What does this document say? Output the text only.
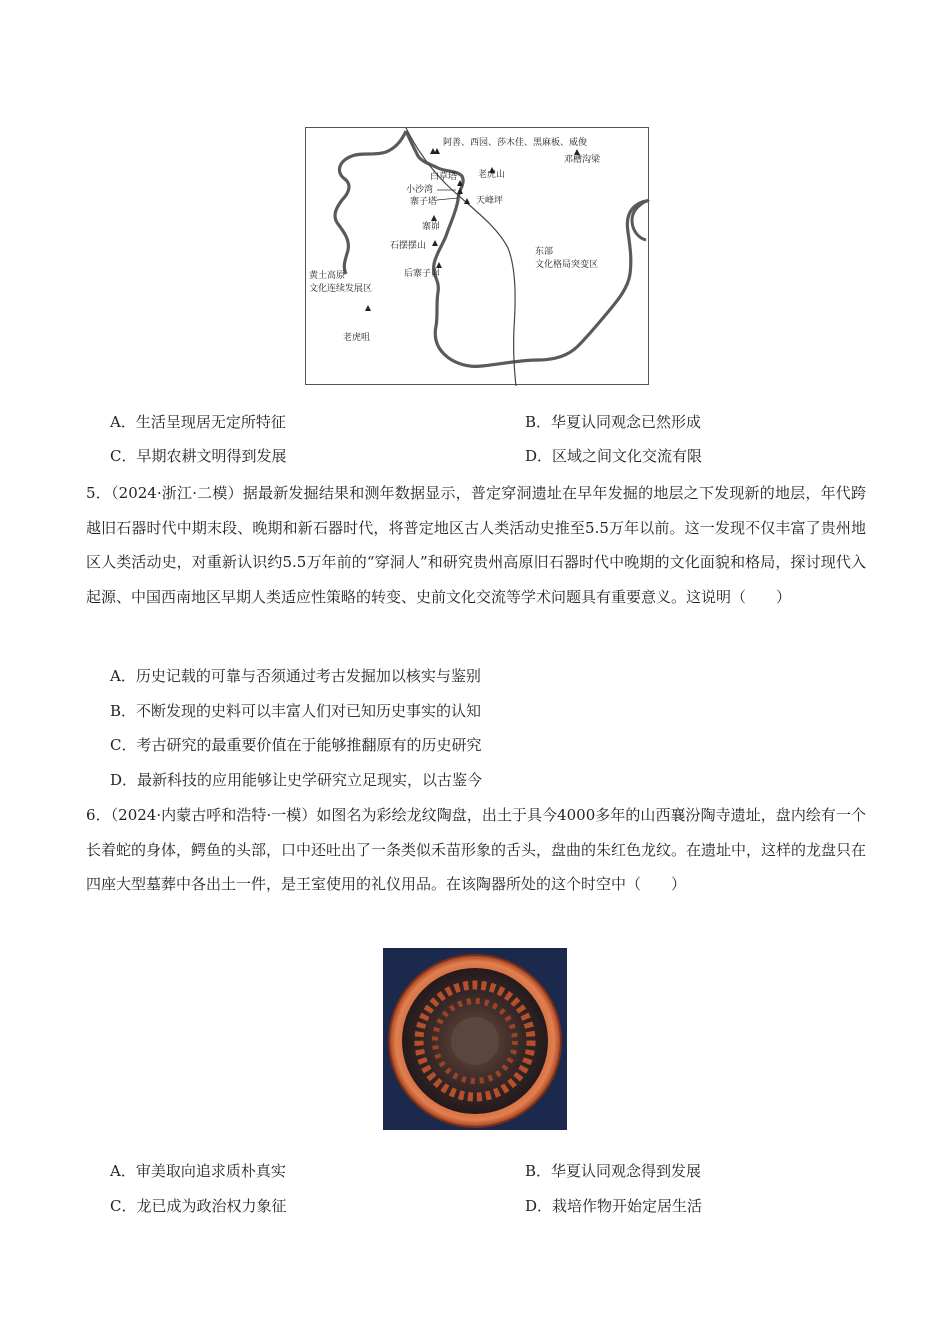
阿善、西园、莎木佳、黑麻板、威俊
邓槽沟梁
白草塔 老虎山
小沙湾
寨子塔	天峰坪
寨峁
石摆摆山
后寨子峁
黄土高原
文化连续发展区
老虎咀
东部
文化格局突变区
A．生活呈现居无定所特征	B．华夏认同观念已然形成
C．早期农耕文明得到发展	D．区域之间文化交流有限
5．（2024·浙江·二模）据最新发掘结果和测年数据显示，普定穿洞遗址在早年发掘的地层之下发现新的地层，年代跨越旧石器时代中期末段、晚期和新石器时代，将普定地区古人类活动史推至5.5万年以前。这一发现不仅丰富了贵州地区人类活动史，对重新认识约5.5万年前的“穿洞人”和研究贵州高原旧石器时代中晚期的文化面貌和格局，探讨现代入起源、中国西南地区早期人类适应性策略的转变、史前文化交流等学术问题具有重要意义。这说明（　　）
A．历史记载的可靠与否须通过考古发掘加以核实与鉴别
B．不断发现的史料可以丰富人们对已知历史事实的认知
C．考古研究的最重要价值在于能够推翻原有的历史研究
D．最新科技的应用能够让史学研究立足现实，以古鉴今
6．（2024·内蒙古呼和浩特·一模）如图名为彩绘龙纹陶盘，出土于具今4000多年的山西襄汾陶寺遗址，盘内绘有一个长着蛇的身体，鳄鱼的头部，口中还吐出了一条类似禾苗形象的舌头，盘曲的朱红色龙纹。在遗址中，这样的龙盘只在四座大型墓葬中各出土一件，是王室使用的礼仪用品。在该陶器所处的这个时空中（　　）
A．审美取向追求质朴真实	B．华夏认同观念得到发展
C．龙已成为政治权力象征	D．栽培作物开始定居生活
